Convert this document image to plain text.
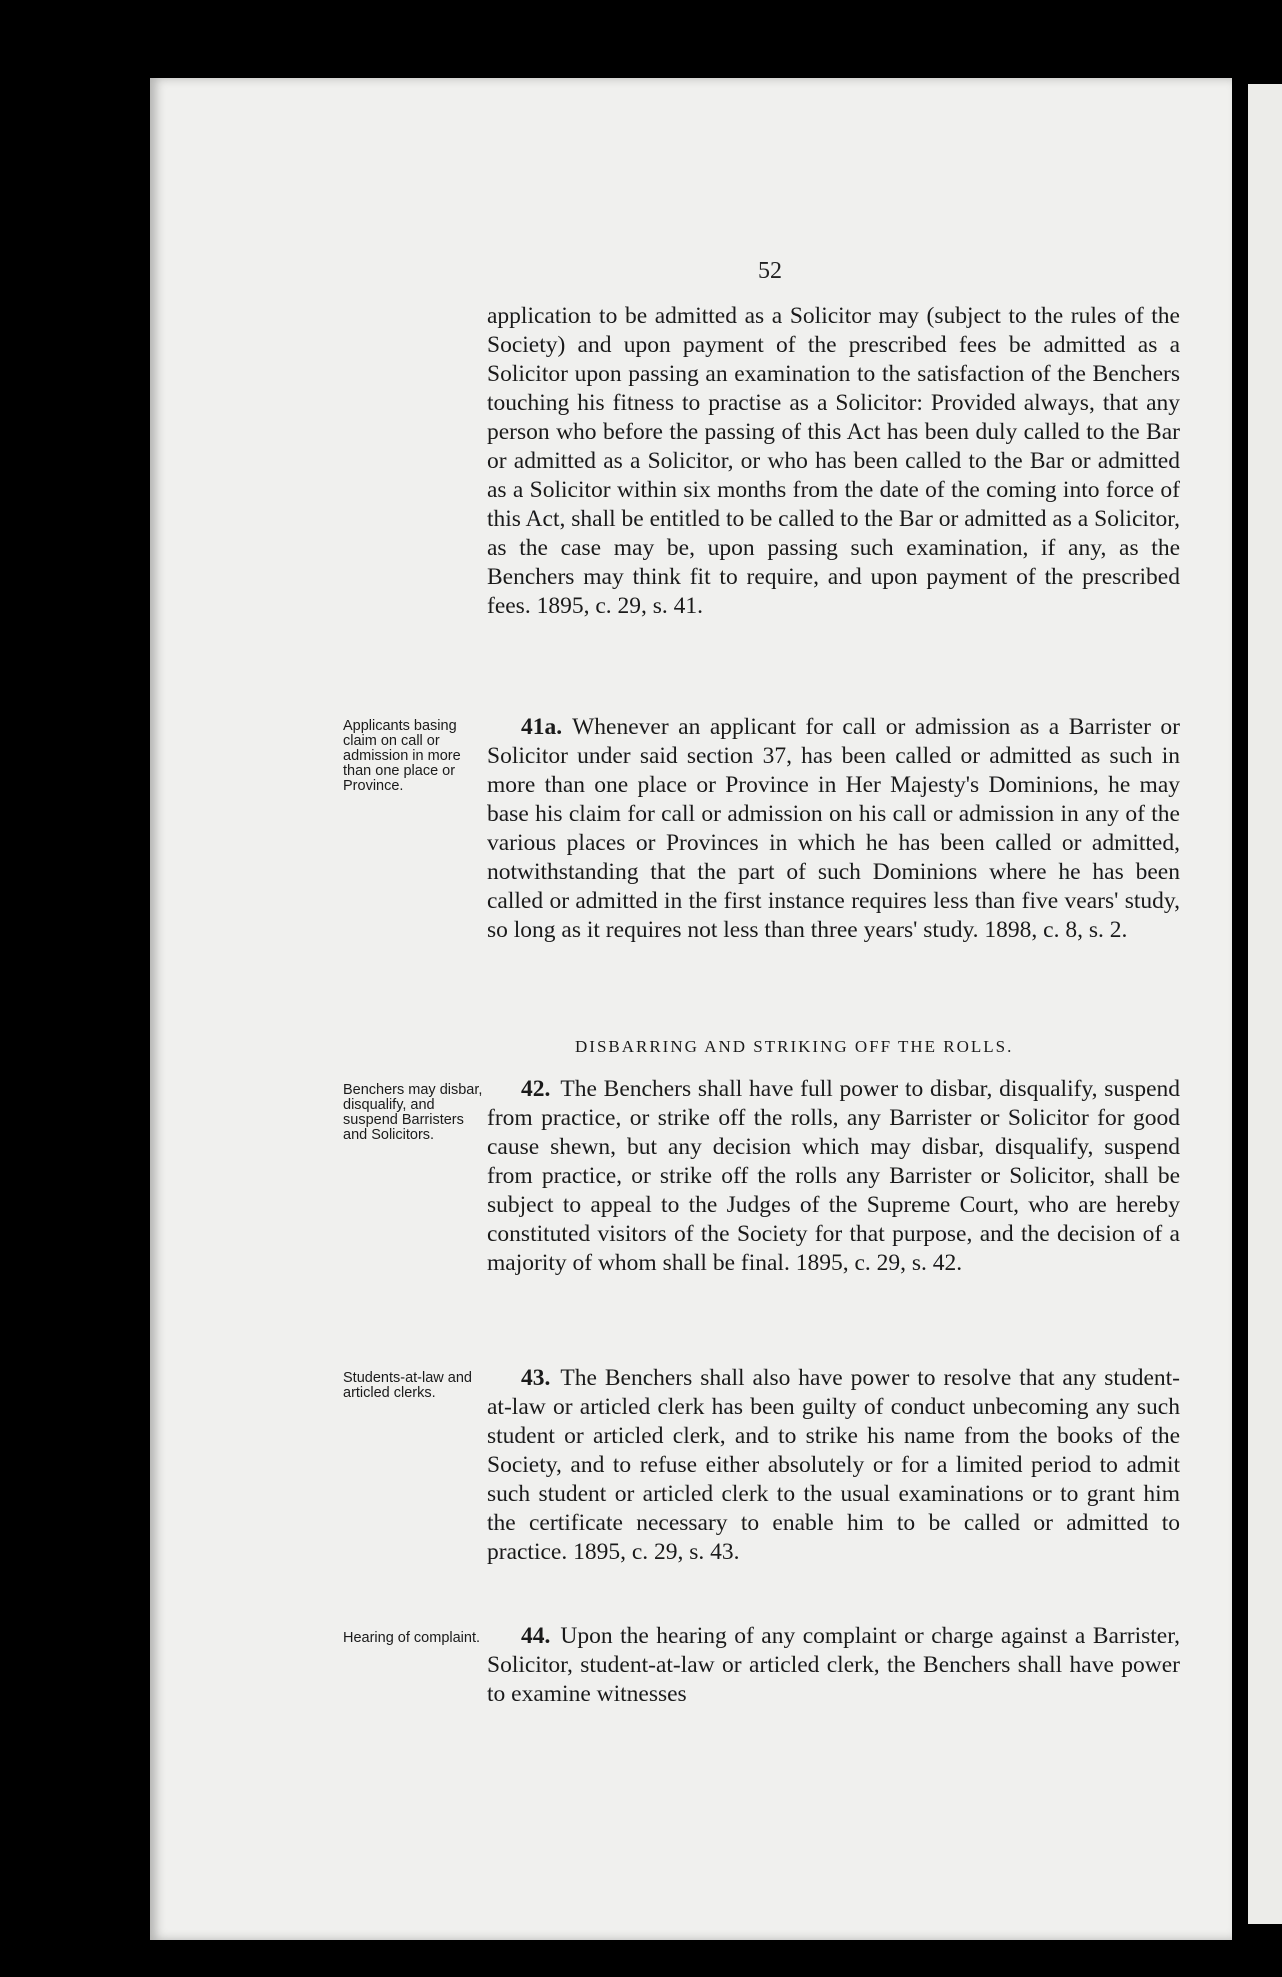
52

application to be admitted as a Solicitor may (subject to the rules of the Society) and upon payment of the prescribed fees be admitted as a Solicitor upon passing an examination to the satisfaction of the Benchers touching his fitness to practise as a Solicitor: Provided always, that any person who before the passing of this Act has been duly called to the Bar or admitted as a Solicitor, or who has been called to the Bar or admitted as a Solicitor within six months from the date of the coming into force of this Act, shall be entitled to be called to the Bar or admitted as a Solicitor, as the case may be, upon passing such examination, if any, as the Benchers may think fit to require, and upon payment of the prescribed fees. 1895, c. 29, s. 41.

Applicants basing claim on call or admission in more than one place or Province.

41a. Whenever an applicant for call or admission as a Barrister or Solicitor under said section 37, has been called or admitted as such in more than one place or Province in Her Majesty's Dominions, he may base his claim for call or admission on his call or admission in any of the various places or Provinces in which he has been called or admitted, notwithstanding that the part of such Dominions where he has been called or admitted in the first instance requires less than five vears' study, so long as it requires not less than three years' study. 1898, c. 8, s. 2.

DISBARRING AND STRIKING OFF THE ROLLS.

Benchers may disbar, disqualify, and suspend Barristers and Solicitors.

42. The Benchers shall have full power to disbar, disqualify, suspend from practice, or strike off the rolls, any Barrister or Solicitor for good cause shewn, but any decision which may disbar, disqualify, suspend from practice, or strike off the rolls any Barrister or Solicitor, shall be subject to appeal to the Judges of the Supreme Court, who are hereby constituted visitors of the Society for that purpose, and the decision of a majority of whom shall be final. 1895, c. 29, s. 42.

Students-at-law and articled clerks.

43. The Benchers shall also have power to resolve that any student-at-law or articled clerk has been guilty of conduct unbecoming any such student or articled clerk, and to strike his name from the books of the Society, and to refuse either absolutely or for a limited period to admit such student or articled clerk to the usual examinations or to grant him the certificate necessary to enable him to be called or admitted to practice. 1895, c. 29, s. 43.

Hearing of complaint.	44. Upon the hearing of any complaint or charge against a Barrister, Solicitor, student-at-law or articled clerk, the Benchers shall have power to examine witnesses
